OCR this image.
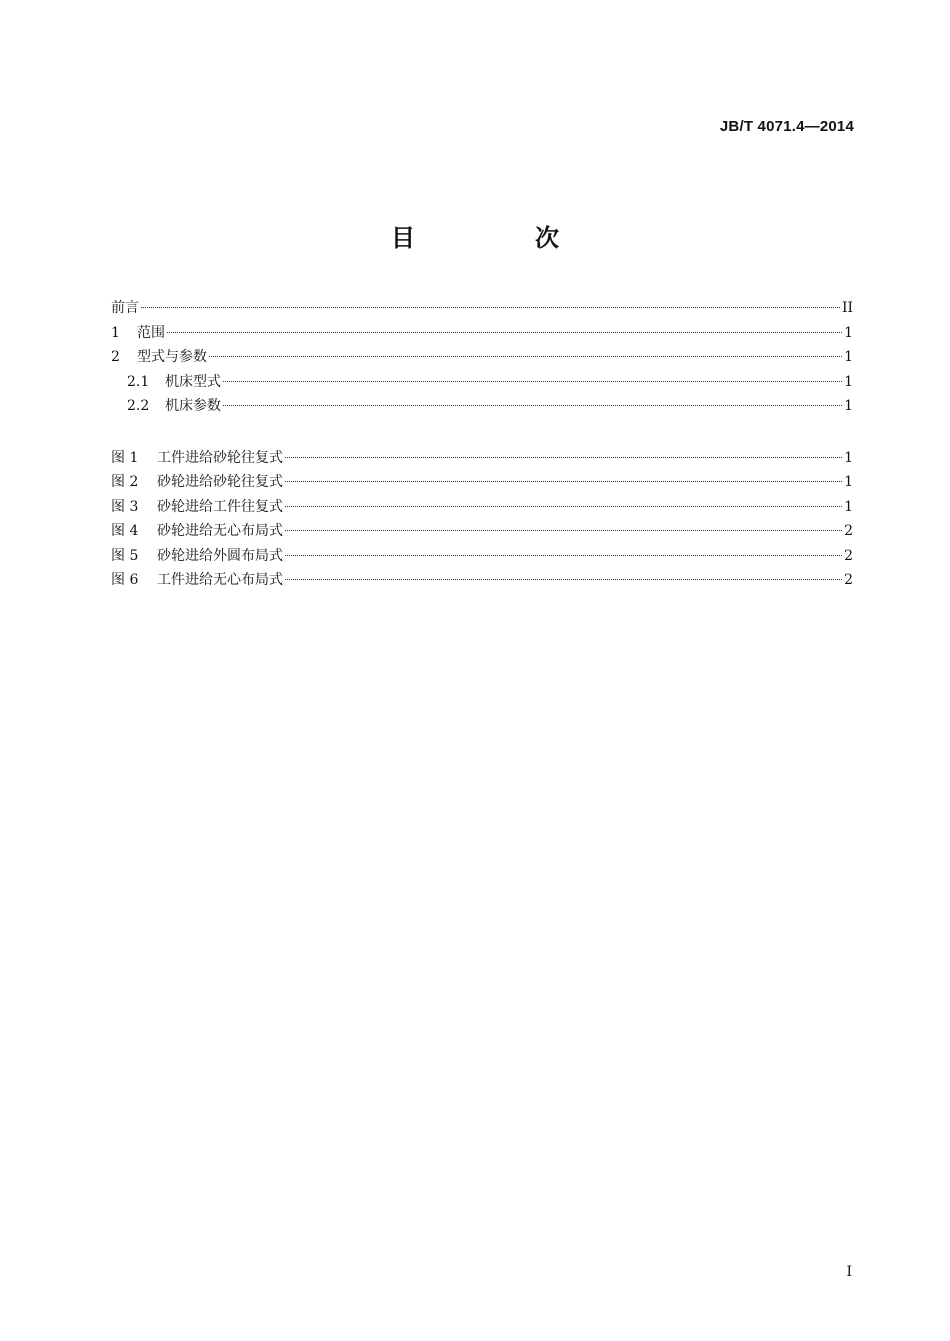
JB/T 4071.4—2014
目　次
前言	II
1	范围	1
2	型式与参数	1
2.1	机床型式	1
2.2	机床参数	1
图 1	工件进给砂轮往复式	1
图 2	砂轮进给砂轮往复式	1
图 3	砂轮进给工件往复式	1
图 4	砂轮进给无心布局式	2
图 5	砂轮进给外圆布局式	2
图 6	工件进给无心布局式	2
I
